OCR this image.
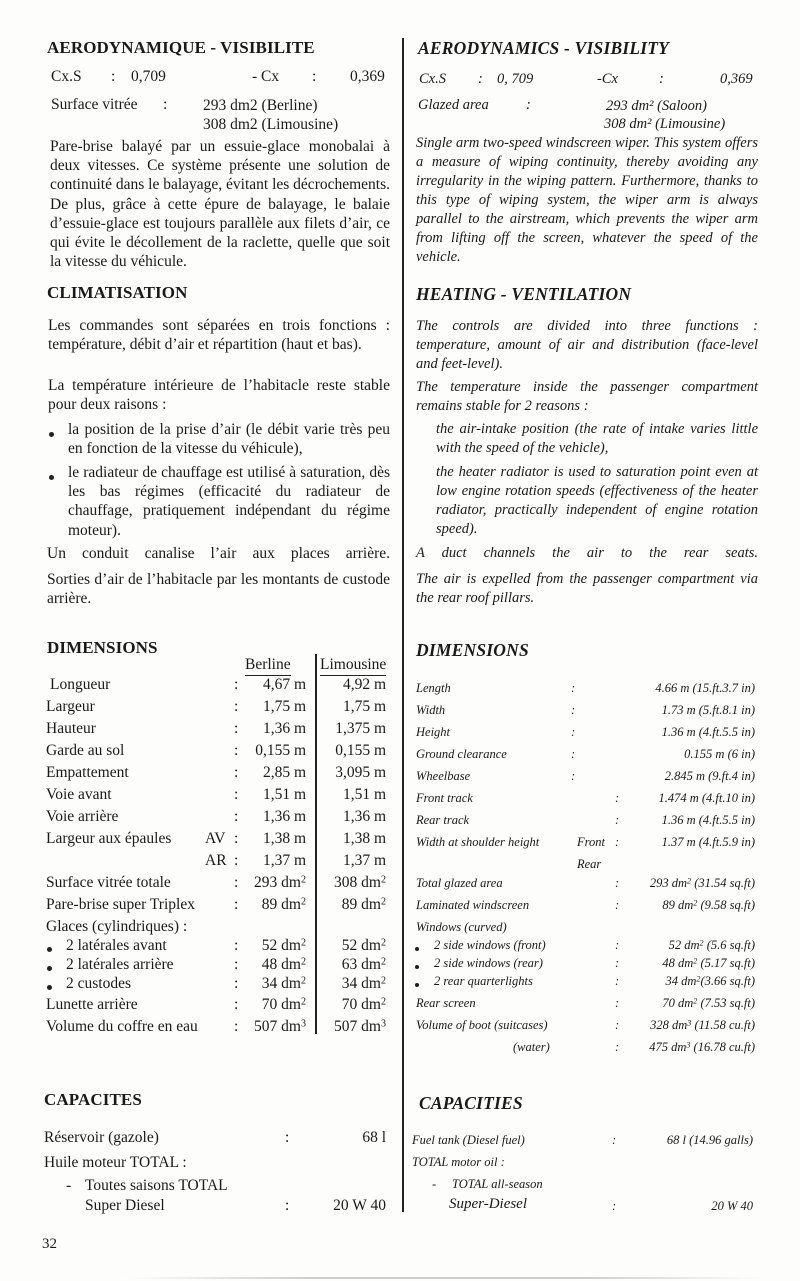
AERODYNAMIQUE - VISIBILITE
Cx.S : 0,709	- Cx : 0,369
Surface vitrée : 293 dm2 (Berline)
308 dm2 (Limousine)

Pare-brise balayé par un essuie-glace monobalai à deux vitesses. Ce système présente une solution de continuité dans le balayage, évitant les décrochements. De plus, grâce à cette épure de balayage, le balaie d’essuie-glace est toujours parallèle aux filets d’air, ce qui évite le décollement de la raclette, quelle que soit la vitesse du véhicule.

CLIMATISATION

Les commandes sont séparées en trois fonctions : température, débit d’air et répartition (haut et bas).

La température intérieure de l’habitacle reste stable pour deux raisons :

la position de la prise d’air (le débit varie très peu en fonction de la vitesse du véhicule),

le radiateur de chauffage est utilisé à saturation, dès les bas régimes (efficacité du radiateur de chauffage, pratiquement indépendant du régime moteur).

Un conduit canalise l’air aux places arrière.

Sorties d’air de l’habitacle par les montants de custode arrière.

DIMENSIONS
Berline Limousine
Longueur	:	4,67 m	4,92 m
Largeur	:	1,75 m	1,75 m
Hauteur	:	1,36 m	1,375 m
Garde au sol	:	0,155 m	0,155 m
Empattement	:	2,85 m	3,095 m
Voie avant	:	1,51 m	1,51 m
Voie arrière	:	1,36 m	1,36 m
Largeur aux épaules AV :	1,38 m	1,38 m
AR :	1,37 m	1,37 m
Surface vitrée totale	:	293 $dm^2$	308 $dm^2$
Pare-brise super Triplex	:	89 $dm^2$	89 $dm^2$
Glaces (cylindriques) :
2 latérales avant	:	52 $dm^2$	52 $dm^2$
2 latérales arrière	:	48 $dm^2$	63 $dm^2$
2 custodes	:	34 $dm^2$	34 $dm^2$
Lunette arrière	:	70 $dm^2$	70 $dm^2$
Volume du coffre en eau :	507 $dm^3$	507 $dm^3$
CAPACITES
Réservoir (gazole)	:	68 l
Huile moteur TOTAL :
- Toutes saisons TOTAL
Super Diesel	:	20 W 40
32
AERODYNAMICS - VISIBILITY
Cx.S : 0, 709	-Cx	:	0,369
Glazed area	:	293 dm² (Saloon)
308 dm² (Limousine)

Single arm two-speed windscreen wiper. This system offers a measure of wiping continuity, thereby avoiding any irregularity in the wiping pattern. Furthermore, thanks to this type of wiping system, the wiper arm is always parallel to the airstream, which prevents the wiper arm from lifting off the screen, whatever the speed of the vehicle.

HEATING - VENTILATION

The controls are divided into three functions : temperature, amount of air and distribution (face-level and feet-level).

The temperature inside the passenger compartment remains stable for 2 reasons :

the air-intake position (the rate of intake varies little with the speed of the vehicle),

the heater radiator is used to saturation point even at low engine rotation speeds (effectiveness of the heater radiator, practically independent of engine rotation speed).

A duct channels the air to the rear seats.

The air is expelled from the passenger compartment via the rear roof pillars.

DIMENSIONS
Length	:	4.66 m (15.ft.3.7 in)
Width	:	1.73 m (5.ft.8.1 in)
Height	:	1.36 m (4.ft.5.5 in)
Ground clearance	:	0.155 m (6 in)
Wheelbase	:	2.845 m (9.ft.4 in)
Front track	:	1.474 m (4.ft.10 in)
Rear track	:	1.36 m (4.ft.5.5 in)
Width at shoulder height	Front :	1.37 m (4.ft.5.9 in)
Rear
Total glazed area	:	293 $dm^2$ (31.54 sq.ft)
Laminated windscreen	:	89 $dm^2$ (9.58 sq.ft)
Windows (curved)
2 side windows (front)	:	52 $dm^2$ (5.6 sq.ft)
2 side windows (rear)	:	48 $dm^2$ (5.17 sq.ft)
2 rear quarterlights	:	34 $dm^2(3.66$ sq.ft)
Rear screen	:	70 $dm^2$ (7.53 sq.ft)
Volume of boot (suitcases)	:	328 $dm^3$ (11.58 cu.ft)
(water)	:	475 $dm^3$ (16.78 cu.ft)
CAPACITIES
Fuel tank (Diesel fuel)	:	68 l (14.96 galls)
TOTAL motor oil :
- TOTAL all-season
Super-Diesel	:	20 W 40
